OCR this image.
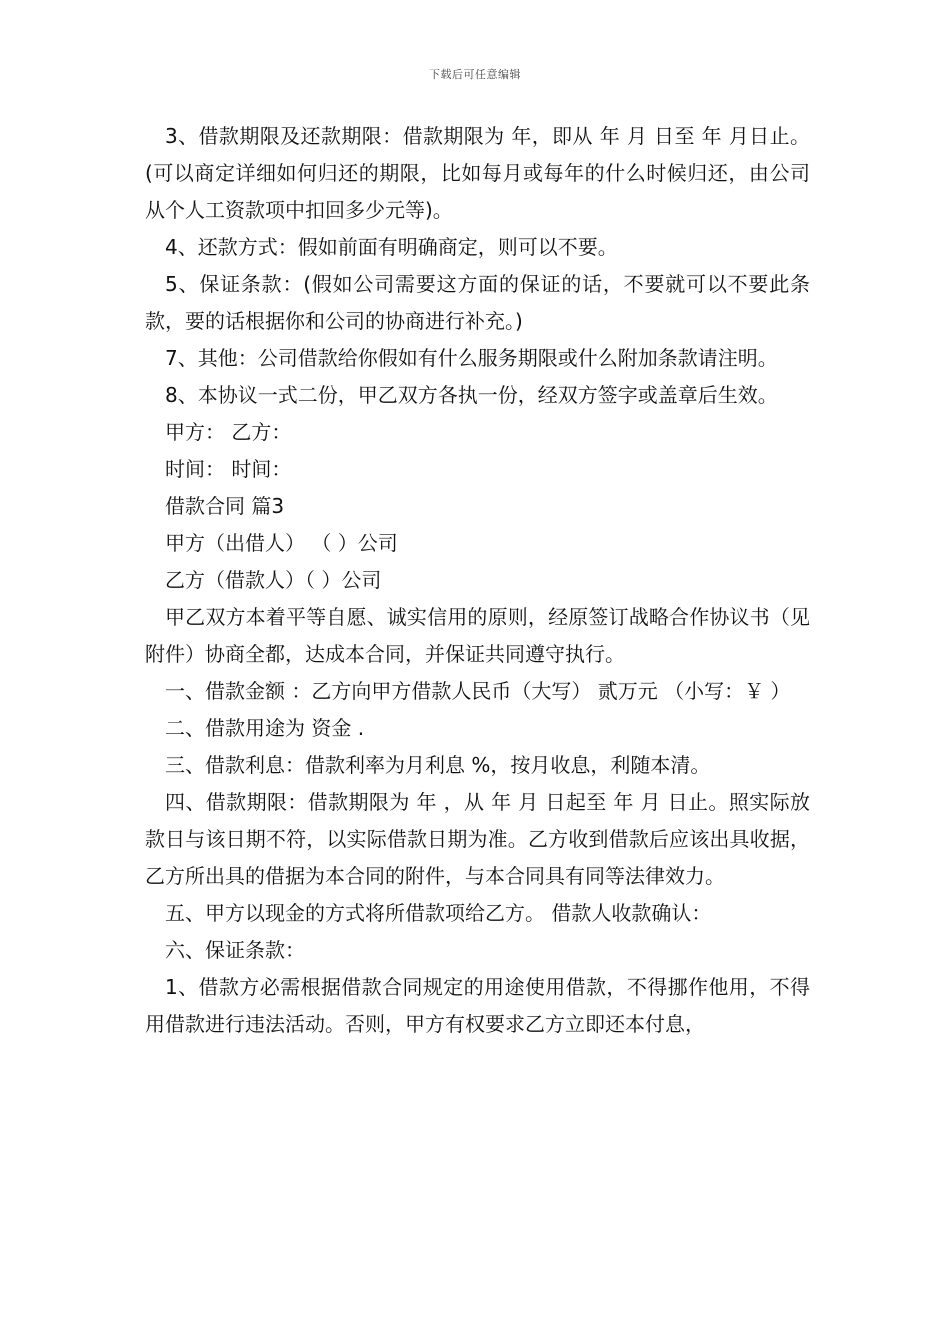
下载后可任意编辑

3、借款期限及还款期限：借款期限为 年，即从 年 月 日至 年 月日止。(可以商定详细如何归还的期限，比如每月或每年的什么时候归还，由公司从个人工资款项中扣回多少元等)。

4、还款方式：假如前面有明确商定，则可以不要。

5、保证条款：(假如公司需要这方面的保证的话，不要就可以不要此条款，要的话根据你和公司的协商进行补充。)

7、其他：公司借款给你假如有什么服务期限或什么附加条款请注明。

8、本协议一式二份，甲乙双方各执一份，经双方签字或盖章后生效。

甲方： 乙方：

时间： 时间：

借款合同 篇3

甲方（出借人） （ ）公司

乙方（借款人）（ ）公司

甲乙双方本着平等自愿、诚实信用的原则，经原签订战略合作协议书（见附件）协商全都，达成本合同，并保证共同遵守执行。

一、借款金额 ：乙方向甲方借款人民币（大写） 贰万元 （小写：￥ ）

二、借款用途为 资金 .

三、借款利息：借款利率为月利息 %，按月收息，利随本清。

四、借款期限：借款期限为 年 ，从 年 月 日起至 年 月 日止。照实际放款日与该日期不符，以实际借款日期为准。乙方收到借款后应该出具收据，乙方所出具的借据为本合同的附件，与本合同具有同等法律效力。

五、甲方以现金的方式将所借款项给乙方。 借款人收款确认：

六、保证条款：

1、借款方必需根据借款合同规定的用途使用借款，不得挪作他用，不得用借款进行违法活动。否则，甲方有权要求乙方立即还本付息，
